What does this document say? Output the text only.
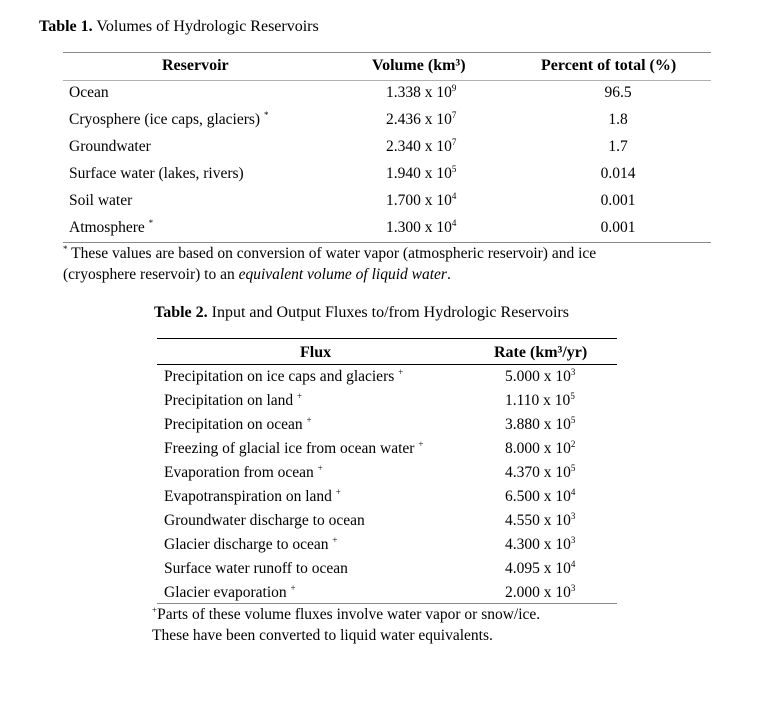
Table 1. Volumes of Hydrologic Reservoirs
Reservoir	Volume (km³)	Percent of total (%)
Ocean	1.338 x $10^9$	96.5
Cryosphere (ice caps, glaciers) *	2.436 x $10^7$	1.8
Groundwater	2.340 x $10^7$	1.7
Surface water (lakes, rivers)	1.940 x $10^5$	0.014
Soil water	1.700 x $10^4$	0.001
Atmosphere *	1.300 x $10^4$	0.001
* These values are based on conversion of water vapor (atmospheric reservoir) and ice
(cryosphere reservoir) to an equivalent volume of liquid water.
Table 2. Input and Output Fluxes to/from Hydrologic Reservoirs
Flux	Rate (km³/yr)
Precipitation on ice caps and glaciers +	5.000 x $10^3$
Precipitation on land +	1.110 x $10^5$
Precipitation on ocean +	3.880 x $10^5$
Freezing of glacial ice from ocean water +	8.000 x $10^2$
Evaporation from ocean +	4.370 x $10^5$
Evapotranspiration on land +	6.500 x $10^4$
Groundwater discharge to ocean	4.550 x $10^3$
Glacier discharge to ocean +	4.300 x $10^3$
Surface water runoff to ocean	4.095 x $10^4$
Glacier evaporation +	2.000 x $10^3$
+Parts of these volume fluxes involve water vapor or snow/ice.
These have been converted to liquid water equivalents.
